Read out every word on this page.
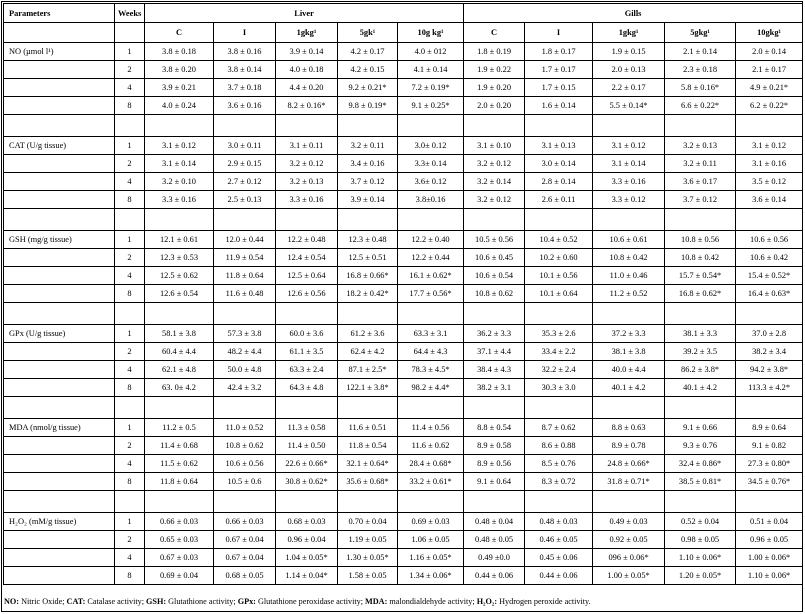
Parameters	Weeks	Liver					Gills				
		C	I	1gkg¹	5gk¹	10g kg¹	C	I	1gkg¹	5gkg¹	10gkg¹
NO (µmol l¹)	1	3.8 ± 0.18	3.8 ± 0.16	3.9 ± 0.14	4.2 ± 0.17	4.0 ± 012	1.8 ± 0.19	1.8 ± 0.17	1.9 ± 0.15	2.1 ± 0.14	2.0 ± 0.14
	2	3.8 ± 0.20	3.8 ± 0.14	4.0 ± 0.18	4.2 ± 0.15	4.1 ± 0.14	1.9 ± 0.22	1.7 ± 0.17	2.0 ± 0.13	2.3 ± 0.18	2.1 ± 0.17
	4	3.9 ± 0.21	3.7 ± 0.18	4.4 ± 0.20	9.2 ± 0.21*	7.2 ± 0.19*	1.9 ± 0.20	1.7 ± 0.15	2.2 ± 0.17	5.8 ± 0.16*	4.9 ± 0.21*
	8	4.0 ± 0.24	3.6 ± 0.16	8.2 ± 0.16*	9.8 ± 0.19*	9.1 ± 0.25*	2.0 ± 0.20	1.6 ± 0.14	5.5 ± 0.14*	6.6 ± 0.22*	6.2 ± 0.22*

CAT (U/g tissue)	1	3.1 ± 0.12	3.0 ± 0.11	3.1 ± 0.11	3.2 ± 0.11	3.0± 0.12	3.1 ± 0.10	3.1 ± 0.13	3.1 ± 0.12	3.2 ± 0.13	3.1 ± 0.12
	2	3.1 ± 0.14	2.9 ± 0.15	3.2 ± 0.12	3.4 ± 0.16	3.3± 0.14	3.2 ± 0.12	3.0 ± 0.14	3.1 ± 0.14	3.2 ± 0.11	3.1 ± 0.16
	4	3.2 ± 0.10	2.7 ± 0.12	3.2 ± 0.13	3.7 ± 0.12	3.6± 0.12	3.2 ± 0.14	2.8 ± 0.14	3.3 ± 0.16	3.6 ± 0.17	3.5 ± 0.12
	8	3.3 ± 0.16	2.5 ± 0.13	3.3 ± 0.16	3.9 ± 0.14	3.8±0.16	3.2 ± 0.12	2.6 ± 0.11	3.3 ± 0.12	3.7 ± 0.12	3.6 ± 0.14

GSH (mg/g tissue)	1	12.1 ± 0.61	12.0 ± 0.44	12.2 ± 0.48	12.3 ± 0.48	12.2 ± 0.40	10.5 ± 0.56	10.4 ± 0.52	10.6 ± 0.61	10.8 ± 0.56	10.6 ± 0.56
	2	12.3 ± 0.53	11.9 ± 0.54	12.4 ± 0.54	12.5 ± 0.51	12.2 ± 0.44	10.6 ± 0.45	10.2 ± 0.60	10.8 ± 0.42	10.8 ± 0.42	10.6 ± 0.42
	4	12.5 ± 0.62	11.8 ± 0.64	12.5 ± 0.64	16.8 ± 0.66*	16.1 ± 0.62*	10.6 ± 0.54	10.1 ± 0.56	11.0 ± 0.46	15.7 ± 0.54*	15.4 ± 0.52*
	8	12.6 ± 0.54	11.6 ± 0.48	12.6 ± 0.56	18.2 ± 0.42*	17.7 ± 0.56*	10.8 ± 0.62	10.1 ± 0.64	11.2 ± 0.52	16.8 ± 0.62*	16.4 ± 0.63*

GPx (U/g tissue)	1	58.1 ± 3.8	57.3 ± 3.8	60.0 ± 3.6	61.2 ± 3.6	63.3 ± 3.1	36.2 ± 3.3	35.3 ± 2.6	37.2 ± 3.3	38.1 ± 3.3	37.0 ± 2.8
	2	60.4 ± 4.4	48.2 ± 4.4	61.1 ± 3.5	62.4 ± 4.2	64.4 ± 4.3	37.1 ± 4.4	33.4 ± 2.2	38.1 ± 3.8	39.2 ± 3.5	38.2 ± 3.4
	4	62.1 ± 4.8	50.0 ± 4.8	63.3 ± 2.4	87.1 ± 2.5*	78.3 ± 4.5*	38.4 ± 4.3	32.2 ± 2.4	40.0 ± 4.4	86.2 ± 3.8*	94.2 ± 3.8*
	8	63. 0± 4.2	42.4 ± 3.2	64.3 ± 4.8	122.1 ± 3.8*	98.2 ± 4.4*	38.2 ± 3.1	30.3 ± 3.0	40.1 ± 4.2	40.1 ± 4.2	113.3 ± 4.2*

MDA (nmol/g tissue)	1	11.2 ± 0.5	11.0 ± 0.52	11.3 ± 0.58	11.6 ± 0.51	11.4 ± 0.56	8.8 ± 0.54	8.7 ± 0.62	8.8 ± 0.63	9.1 ± 0.66	8.9 ± 0.64
	2	11.4 ± 0.68	10.8 ± 0.62	11.4 ± 0.50	11.8 ± 0.54	11.6 ± 0.62	8.9 ± 0.58	8.6 ± 0.88	8.9 ± 0.78	9.3 ± 0.76	9.1 ± 0.82
	4	11.5 ± 0.62	10.6 ± 0.56	22.6 ± 0.66*	32.1 ± 0.64*	28.4 ± 0.68*	8.9 ± 0.56	8.5 ± 0.76	24.8 ± 0.66*	32.4 ± 0.86*	27.3 ± 0.80*
	8	11.8 ± 0.64	10.5 ± 0.6	30.8 ± 0.62*	35.6 ± 0.68*	33.2 ± 0.61*	9.1 ± 0.64	8.3 ± 0.72	31.8 ± 0.71*	38.5 ± 0.81*	34.5 ± 0.76*

H₂O₂ (mM/g tissue)	1	0.66 ± 0.03	0.66 ± 0.03	0.68 ± 0.03	0.70 ± 0.04	0.69 ± 0.03	0.48 ± 0.04	0.48 ± 0.03	0.49 ± 0.03	0.52 ± 0.04	0.51 ± 0.04
	2	0.65 ± 0.03	0.67 ± 0.04	0.96 ± 0.04	1.19 ± 0.05	1.06 ± 0.05	0.48 ± 0.05	0.46 ± 0.05	0.92 ± 0.05	0.98 ± 0.05	0.96 ± 0.05
	4	0.67 ± 0.03	0.67 ± 0.04	1.04 ± 0.05*	1.30 ± 0.05*	1.16 ± 0.05*	0.49 ±0.0	0.45 ± 0.06	096 ± 0.06*	1.10 ± 0.06*	1.00 ± 0.06*
	8	0.69 ± 0.04	0.68 ± 0.05	1.14 ± 0.04*	1.58 ± 0.05	1.34 ± 0.06*	0.44 ± 0.06	0.44 ± 0.06	1.00 ± 0.05*	1.20 ± 0.05*	1.10 ± 0.06*
NO: Nitric Oxide; CAT: Catalase activity; GSH: Glutathione activity; GPx: Glutathione peroxidase activity; MDA: malondialdehyde activity; H₂O₂: Hydrogen peroxide activity.
